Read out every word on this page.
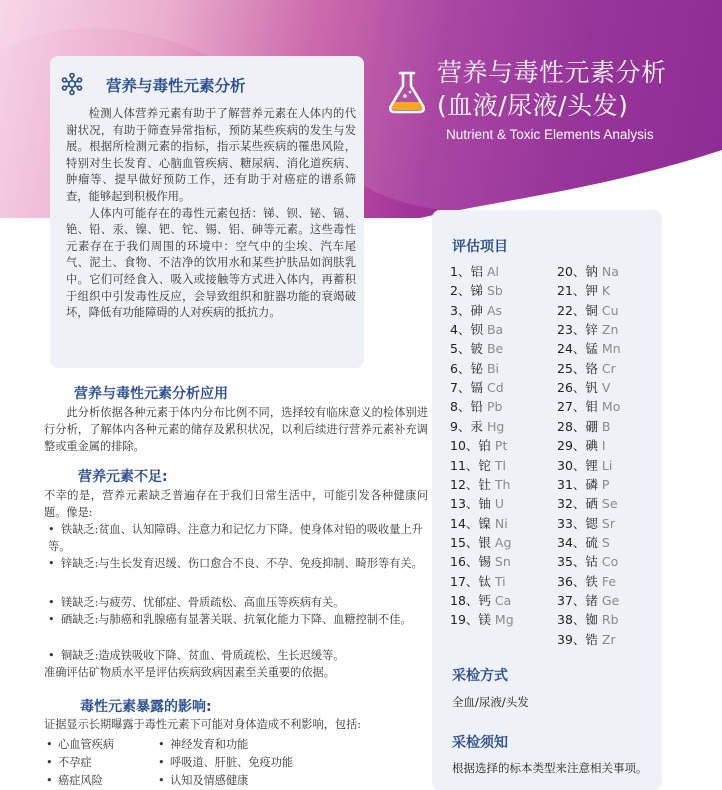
营养与毒性元素分析
(血液/尿液/头发)
Nutrient & Toxic Elements Analysis
营养与毒性元素分析

检测人体营养元素有助于了解营养元素在人体内的代谢状况，有助于筛查异常指标，预防某些疾病的发生与发展。根据所检测元素的指标，指示某些疾病的罹患风险，特别对生长发育、心脑血管疾病、糖尿病、消化道疾病、肿瘤等、提早做好预防工作，还有助于对癌症的谱系筛查，能够起到积极作用。

人体内可能存在的毒性元素包括：锑、钡、铋、镉、铯、铅、汞、镍、钯、铊、锡、铝、砷等元素。这些毒性元素存在于我们周围的环境中：空气中的尘埃、汽车尾气、泥土、食物、不洁净的饮用水和某些护肤品如润肤乳中。它们可经食入、吸入或接触等方式进入体内，再蓄积于组织中引发毒性反应，会导致组织和脏器功能的衰竭破坏，降低有功能障碍的人对疾病的抵抗力。

营养与毒性元素分析应用
此分析依据各种元素于体内分布比例不同，选择较有临床意义的检体别进行分析，了解体内各种元素的储存及累积状况，以利后续进行营养元素补充调整或重金属的排除。
营养元素不足:
不幸的是，营养元素缺乏普遍存在于我们日常生活中，可能引发各种健康问题。像是:
• 铁缺乏:贫血、认知障碍、注意力和记忆力下降、使身体对铅的吸收量上升等。
• 锌缺乏:与生长发育迟缓、伤口愈合不良、不孕、免疫抑制、畸形等有关。
• 镁缺乏:与疲劳、忧郁症、骨质疏松、高血压等疾病有关。
• 硒缺乏:与肺癌和乳腺癌有显著关联、抗氧化能力下降、血糖控制不佳。
• 铜缺乏:造成铁吸收下降、贫血、骨质疏松、生长迟缓等。
准确评估矿物质水平是评估疾病致病因素至关重要的依据。
毒性元素暴露的影响:
证据显示长期曝露于毒性元素下可能对身体造成不利影响，包括:
• 心血管疾病
• 不孕症
• 癌症风险
• 神经发育和功能
• 呼吸道、肝脏、免疫功能
• 认知及情感健康
评估项目
1、铝 Al
2、锑 Sb
3、砷 As
4、钡 Ba
5、铍 Be
6、铋 Bi
7、镉 Cd
8、铅 Pb
9、汞 Hg
10、铂 Pt
11、铊 Tl
12、钍 Th
13、铀 U
14、镍 Ni
15、银 Ag
16、锡 Sn
17、钛 Ti
18、钙 Ca
19、镁 Mg
20、钠 Na
21、钾 K
22、铜 Cu
23、锌 Zn
24、锰 Mn
25、铬 Cr
26、钒 V
27、钼 Mo
28、硼 B
29、碘 I
30、锂 Li
31、磷 P
32、硒 Se
33、锶 Sr
34、硫 S
35、钴 Co
36、铁 Fe
37、锗 Ge
38、铷 Rb
39、锆 Zr
采检方式
全血/尿液/头发
采检须知
根据选择的标本类型来注意相关事项。
